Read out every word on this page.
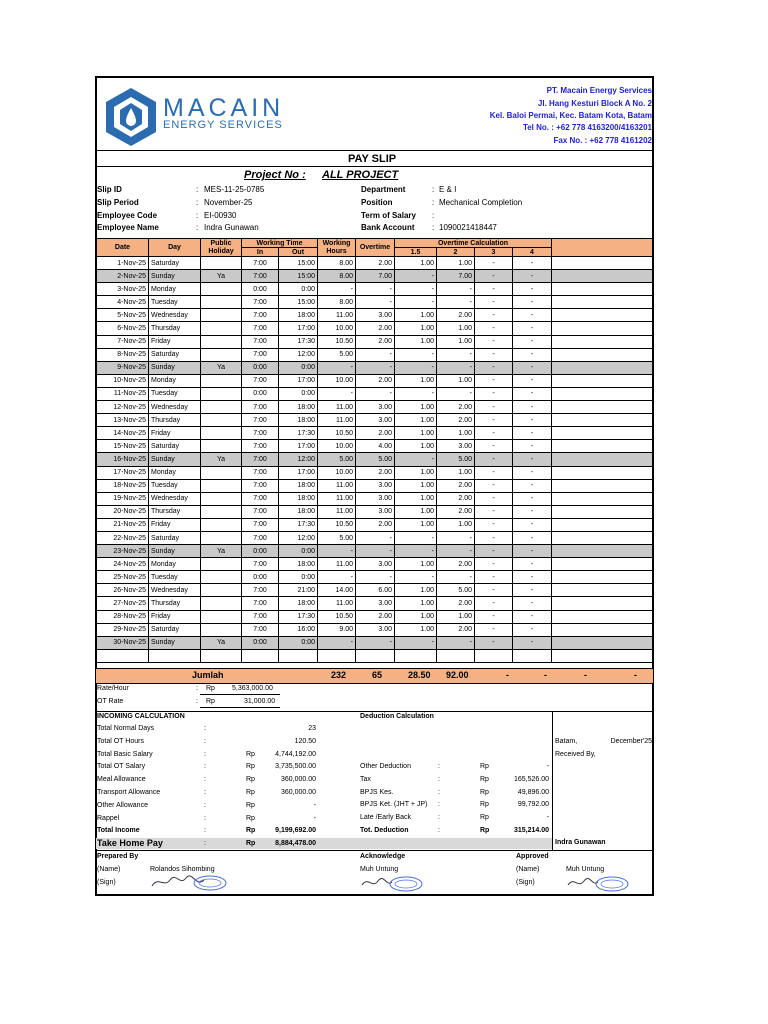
MACAIN
ENERGY SERVICES
PT. Macain Energy Services
Jl. Hang Kesturi Block A No. 2
Kel. Baloi Permai, Kec. Batam Kota, Batam
Tel No. : +62 778 4163200/4163201
Fax No. : +62 778 4161202
PAY SLIP
Project No : ALL PROJECT
Slip ID	: MES-11-25-0785
Slip Period	: November-25
Employee Code	: EI-00930
Employee Name	: Indra Gunawan
Department	: E & I
Position	: Mechanical Completion
Term of Salary :
Bank Account : 1090021418447
Date	Day	Public Holiday	Working Time		Working Hours	Overtime	Overtime Calculation				
			In	Out			1.5	2	3	4	
1-Nov-25	Saturday		7:00	15:00	8.00	2.00	1.00	1.00	-	-	
2-Nov-25	Sunday	Ya	7:00	15:00	8.00	7.00	-	7.00	-	-	
3-Nov-25	Monday		0:00	0:00	-	-	-	-	-	-	
4-Nov-25	Tuesday		7:00	15:00	8.00	-	-	-	-	-	
5-Nov-25	Wednesday		7:00	18:00	11.00	3.00	1.00	2.00	-	-	
6-Nov-25	Thursday		7:00	17:00	10.00	2.00	1.00	1.00	-	-	
7-Nov-25	Friday		7:00	17:30	10.50	2.00	1.00	1.00	-	-	
8-Nov-25	Saturday		7:00	12:00	5.00	-	-	-	-	-	
9-Nov-25	Sunday	Ya	0:00	0:00	-	-	-	-	-	-	
10-Nov-25	Monday		7:00	17:00	10.00	2.00	1.00	1.00	-	-	
11-Nov-25	Tuesday		0:00	0:00	-	-	-	-	-	-	
12-Nov-25	Wednesday		7:00	18:00	11.00	3.00	1.00	2.00	-	-	
13-Nov-25	Thursday		7:00	18:00	11.00	3.00	1.00	2.00	-	-	
14-Nov-25	Friday		7:00	17:30	10.50	2.00	1.00	1.00	-	-	
15-Nov-25	Saturday		7:00	17:00	10.00	4.00	1.00	3.00	-	-	
16-Nov-25	Sunday	Ya	7:00	12:00	5.00	5.00	-	5.00	-	-	
17-Nov-25	Monday		7:00	17:00	10.00	2.00	1.00	1.00	-	-	
18-Nov-25	Tuesday		7:00	18:00	11.00	3.00	1.00	2.00	-	-	
19-Nov-25	Wednesday		7:00	18:00	11.00	3.00	1.00	2.00	-	-	
20-Nov-25	Thursday		7:00	18:00	11.00	3.00	1.00	2.00	-	-	
21-Nov-25	Friday		7:00	17:30	10.50	2.00	1.00	1.00	-	-	
22-Nov-25	Saturday		7:00	12:00	5.00	-	-	-	-	-	
23-Nov-25	Sunday	Ya	0:00	0:00	-	-	-	-	-	-	
24-Nov-25	Monday		7:00	18:00	11.00	3.00	1.00	2.00	-	-	
25-Nov-25	Tuesday		0:00	0:00	-	-	-	-	-	-	
26-Nov-25	Wednesday		7:00	21:00	14.00	6.00	1.00	5.00	-	-	
27-Nov-25	Thursday		7:00	18:00	11.00	3.00	1.00	2.00	-	-	
28-Nov-25	Friday		7:00	17:30	10.50	2.00	1.00	1.00	-	-	
29-Nov-25	Saturday		7:00	16:00	9.00	3.00	1.00	2.00	-	-	
30-Nov-25	Sunday	Ya	0:00	0:00	-	-	-	-	-	-	

Jumlah	232	65	28.50 92.00	-	-	-	-
Rate/Hour	: Rp 5,363,000.00
OT Rate	: Rp	31,000.00
INCOMING CALCULATION	Deduction Calculation
Total Normal Days	:	23
Total OT Hours	:	120.50
Total Basic Salary	:	Rp	4,744,192.00
Total OT Salary	:	Rp	3,735,500.00
Meal Allowance	:	Rp	360,000.00
Transport Allowance	:	Rp	360,000.00
Other Allowance	:	Rp	-
Rappel	:	Rp	-
Other Deduction	:	Rp	-
Tax	:	Rp	165,526.00
BPJS Kes.	:	Rp	49,896.00
BPJS Ket. (JHT + JP) :	Rp	99,792.00
Late /Early Back	:	Rp	-
Total Income	:	Rp	9,199,692.00	Tot. Deduction	:	Rp	315,214.00
Take Home Pay	:	Rp	8,884,478.00
Batam,	December'25
Received By,
Indra Gunawan
Prepared By
(Name)	Rolandos Sihombing
(Sign)
Acknowledge
Muh Untung
Approved
(Name)	Muh Untung
(Sign)
